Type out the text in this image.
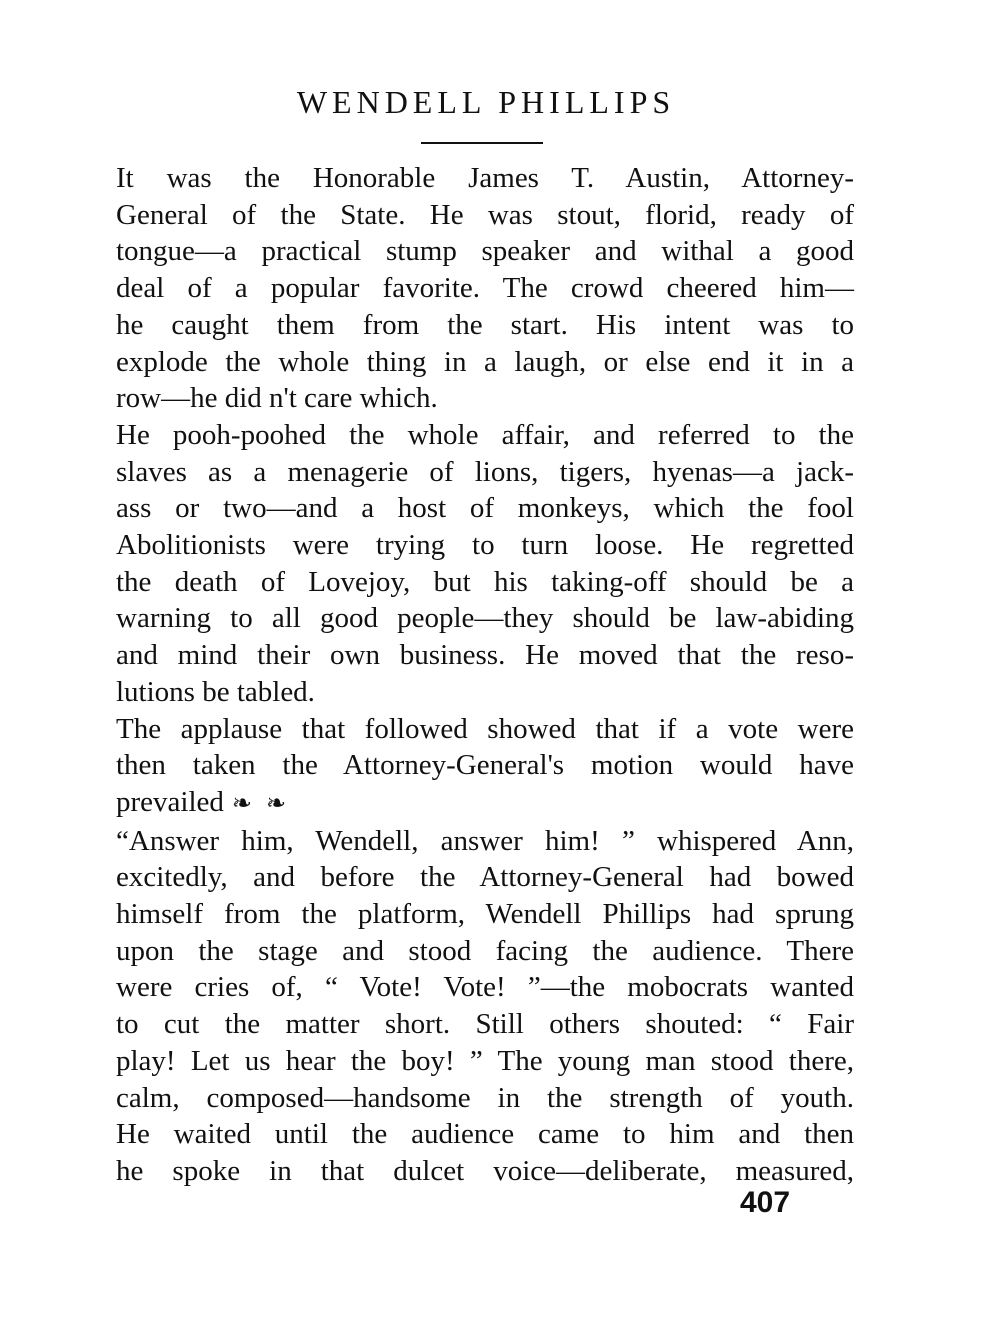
WENDELL PHILLIPS

It was the Honorable James T. Austin, Attorney-
General of the State. He was stout, florid, ready of
tongue—a practical stump speaker and withal a good
deal of a popular favorite. The crowd cheered him—
he caught them from the start. His intent was to
explode the whole thing in a laugh, or else end it in a
row—he did n't care which.

He pooh-poohed the whole affair, and referred to the
slaves as a menagerie of lions, tigers, hyenas—a jack-
ass or two—and a host of monkeys, which the fool
Abolitionists were trying to turn loose. He regretted
the death of Lovejoy, but his taking-off should be a
warning to all good people—they should be law-abiding
and mind their own business. He moved that the reso-
lutions be tabled.

The applause that followed showed that if a vote were
then taken the Attorney-General's motion would have
prevailed ❧ ❧

“Answer him, Wendell, answer him! ” whispered Ann,
excitedly, and before the Attorney-General had bowed
himself from the platform, Wendell Phillips had sprung
upon the stage and stood facing the audience. There
were cries of, “ Vote! Vote! ”—the mobocrats wanted
to cut the matter short. Still others shouted: “ Fair
play! Let us hear the boy! ” The young man stood there,
calm, composed—handsome in the strength of youth.
He waited until the audience came to him and then
he spoke in that dulcet voice—deliberate, measured,

407
